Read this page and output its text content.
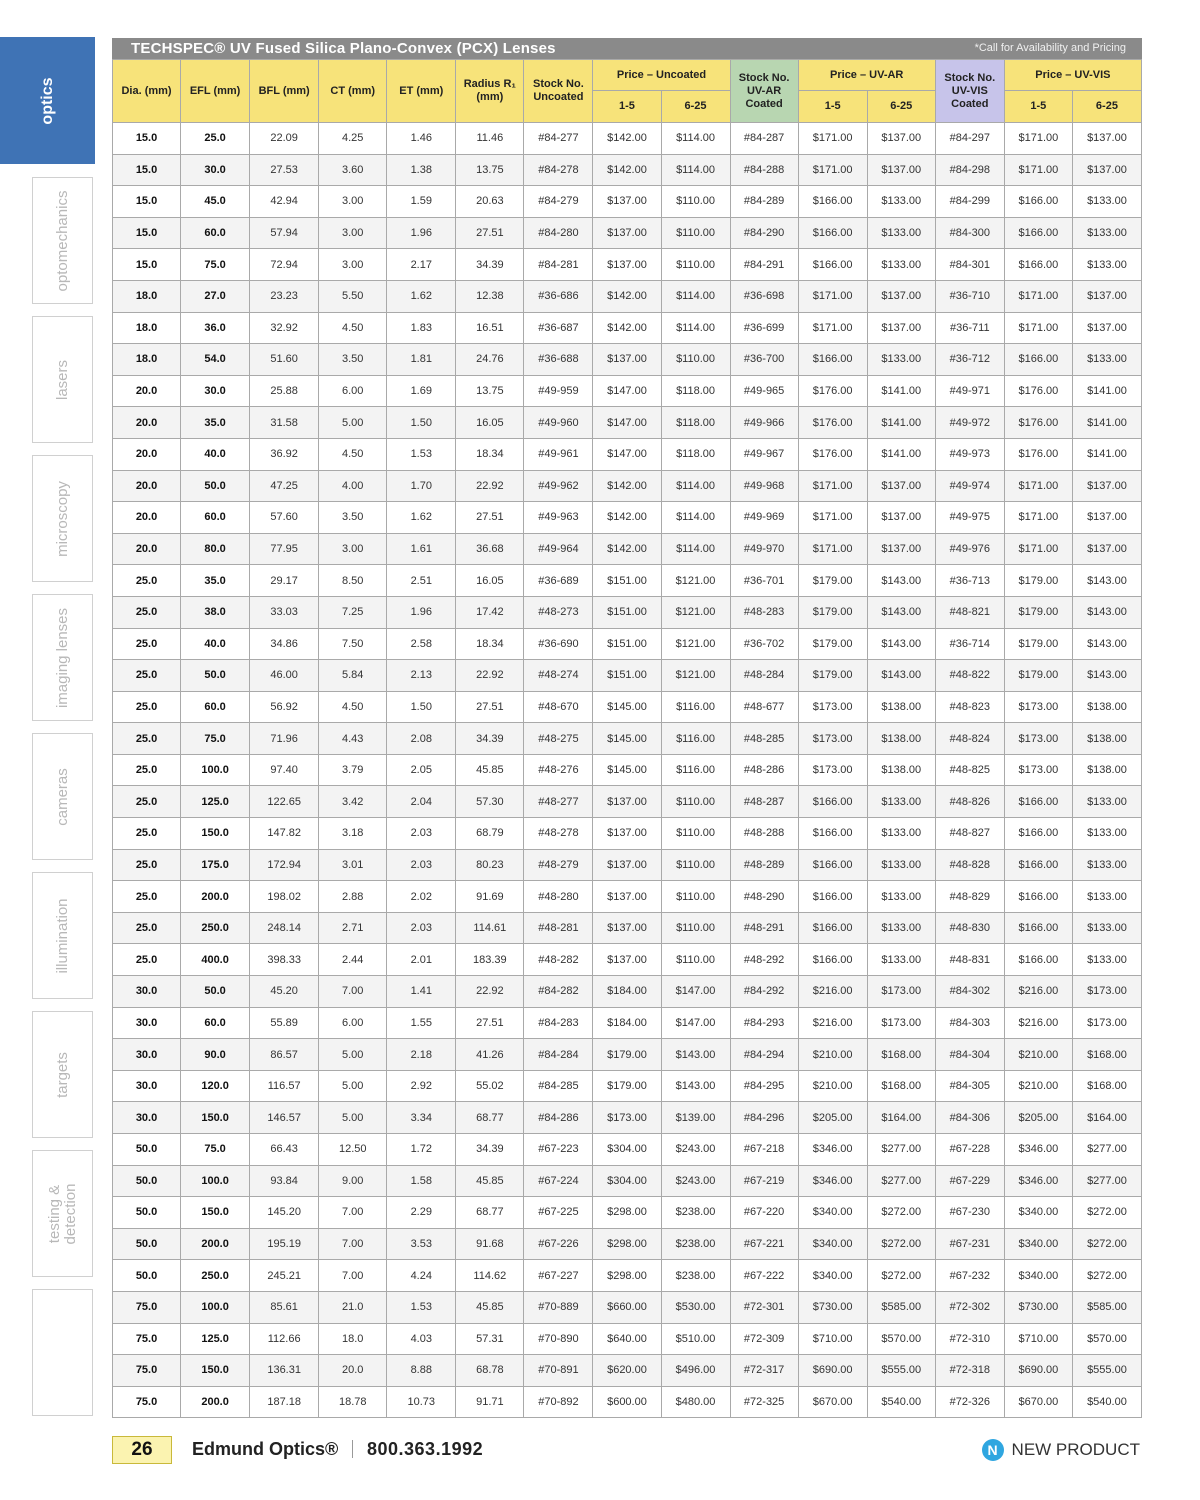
optics
optomechanics
lasers
microscopy
imaging lenses
cameras
illumination
targets
testing & detection
TECHSPEC® UV Fused Silica Plano-Convex (PCX) Lenses	*Call for Availability and Pricing
Dia. (mm)	EFL (mm)	BFL (mm)	CT (mm)	ET (mm)	Radius R₁ (mm)	Stock No. Uncoated	Price – Uncoated		Stock No. UV-AR Coated	Price – UV-AR		Stock No. UV-VIS Coated	Price – UV-VIS	
							1-5	6-25		1-5	6-25		1-5	6-25
15.0	25.0	22.09	4.25	1.46	11.46	#84-277	$142.00	$114.00	#84-287	$171.00	$137.00	#84-297	$171.00	$137.00
15.0	30.0	27.53	3.60	1.38	13.75	#84-278	$142.00	$114.00	#84-288	$171.00	$137.00	#84-298	$171.00	$137.00
15.0	45.0	42.94	3.00	1.59	20.63	#84-279	$137.00	$110.00	#84-289	$166.00	$133.00	#84-299	$166.00	$133.00
15.0	60.0	57.94	3.00	1.96	27.51	#84-280	$137.00	$110.00	#84-290	$166.00	$133.00	#84-300	$166.00	$133.00
15.0	75.0	72.94	3.00	2.17	34.39	#84-281	$137.00	$110.00	#84-291	$166.00	$133.00	#84-301	$166.00	$133.00
18.0	27.0	23.23	5.50	1.62	12.38	#36-686	$142.00	$114.00	#36-698	$171.00	$137.00	#36-710	$171.00	$137.00
18.0	36.0	32.92	4.50	1.83	16.51	#36-687	$142.00	$114.00	#36-699	$171.00	$137.00	#36-711	$171.00	$137.00
18.0	54.0	51.60	3.50	1.81	24.76	#36-688	$137.00	$110.00	#36-700	$166.00	$133.00	#36-712	$166.00	$133.00
20.0	30.0	25.88	6.00	1.69	13.75	#49-959	$147.00	$118.00	#49-965	$176.00	$141.00	#49-971	$176.00	$141.00
20.0	35.0	31.58	5.00	1.50	16.05	#49-960	$147.00	$118.00	#49-966	$176.00	$141.00	#49-972	$176.00	$141.00
20.0	40.0	36.92	4.50	1.53	18.34	#49-961	$147.00	$118.00	#49-967	$176.00	$141.00	#49-973	$176.00	$141.00
20.0	50.0	47.25	4.00	1.70	22.92	#49-962	$142.00	$114.00	#49-968	$171.00	$137.00	#49-974	$171.00	$137.00
20.0	60.0	57.60	3.50	1.62	27.51	#49-963	$142.00	$114.00	#49-969	$171.00	$137.00	#49-975	$171.00	$137.00
20.0	80.0	77.95	3.00	1.61	36.68	#49-964	$142.00	$114.00	#49-970	$171.00	$137.00	#49-976	$171.00	$137.00
25.0	35.0	29.17	8.50	2.51	16.05	#36-689	$151.00	$121.00	#36-701	$179.00	$143.00	#36-713	$179.00	$143.00
25.0	38.0	33.03	7.25	1.96	17.42	#48-273	$151.00	$121.00	#48-283	$179.00	$143.00	#48-821	$179.00	$143.00
25.0	40.0	34.86	7.50	2.58	18.34	#36-690	$151.00	$121.00	#36-702	$179.00	$143.00	#36-714	$179.00	$143.00
25.0	50.0	46.00	5.84	2.13	22.92	#48-274	$151.00	$121.00	#48-284	$179.00	$143.00	#48-822	$179.00	$143.00
25.0	60.0	56.92	4.50	1.50	27.51	#48-670	$145.00	$116.00	#48-677	$173.00	$138.00	#48-823	$173.00	$138.00
25.0	75.0	71.96	4.43	2.08	34.39	#48-275	$145.00	$116.00	#48-285	$173.00	$138.00	#48-824	$173.00	$138.00
25.0	100.0	97.40	3.79	2.05	45.85	#48-276	$145.00	$116.00	#48-286	$173.00	$138.00	#48-825	$173.00	$138.00
25.0	125.0	122.65	3.42	2.04	57.30	#48-277	$137.00	$110.00	#48-287	$166.00	$133.00	#48-826	$166.00	$133.00
25.0	150.0	147.82	3.18	2.03	68.79	#48-278	$137.00	$110.00	#48-288	$166.00	$133.00	#48-827	$166.00	$133.00
25.0	175.0	172.94	3.01	2.03	80.23	#48-279	$137.00	$110.00	#48-289	$166.00	$133.00	#48-828	$166.00	$133.00
25.0	200.0	198.02	2.88	2.02	91.69	#48-280	$137.00	$110.00	#48-290	$166.00	$133.00	#48-829	$166.00	$133.00
25.0	250.0	248.14	2.71	2.03	114.61	#48-281	$137.00	$110.00	#48-291	$166.00	$133.00	#48-830	$166.00	$133.00
25.0	400.0	398.33	2.44	2.01	183.39	#48-282	$137.00	$110.00	#48-292	$166.00	$133.00	#48-831	$166.00	$133.00
30.0	50.0	45.20	7.00	1.41	22.92	#84-282	$184.00	$147.00	#84-292	$216.00	$173.00	#84-302	$216.00	$173.00
30.0	60.0	55.89	6.00	1.55	27.51	#84-283	$184.00	$147.00	#84-293	$216.00	$173.00	#84-303	$216.00	$173.00
30.0	90.0	86.57	5.00	2.18	41.26	#84-284	$179.00	$143.00	#84-294	$210.00	$168.00	#84-304	$210.00	$168.00
30.0	120.0	116.57	5.00	2.92	55.02	#84-285	$179.00	$143.00	#84-295	$210.00	$168.00	#84-305	$210.00	$168.00
30.0	150.0	146.57	5.00	3.34	68.77	#84-286	$173.00	$139.00	#84-296	$205.00	$164.00	#84-306	$205.00	$164.00
50.0	75.0	66.43	12.50	1.72	34.39	#67-223	$304.00	$243.00	#67-218	$346.00	$277.00	#67-228	$346.00	$277.00
50.0	100.0	93.84	9.00	1.58	45.85	#67-224	$304.00	$243.00	#67-219	$346.00	$277.00	#67-229	$346.00	$277.00
50.0	150.0	145.20	7.00	2.29	68.77	#67-225	$298.00	$238.00	#67-220	$340.00	$272.00	#67-230	$340.00	$272.00
50.0	200.0	195.19	7.00	3.53	91.68	#67-226	$298.00	$238.00	#67-221	$340.00	$272.00	#67-231	$340.00	$272.00
50.0	250.0	245.21	7.00	4.24	114.62	#67-227	$298.00	$238.00	#67-222	$340.00	$272.00	#67-232	$340.00	$272.00
75.0	100.0	85.61	21.0	1.53	45.85	#70-889	$660.00	$530.00	#72-301	$730.00	$585.00	#72-302	$730.00	$585.00
75.0	125.0	112.66	18.0	4.03	57.31	#70-890	$640.00	$510.00	#72-309	$710.00	$570.00	#72-310	$710.00	$570.00
75.0	150.0	136.31	20.0	8.88	68.78	#70-891	$620.00	$496.00	#72-317	$690.00	$555.00	#72-318	$690.00	$555.00
75.0	200.0	187.18	18.78	10.73	91.71	#70-892	$600.00	$480.00	#72-325	$670.00	$540.00	#72-326	$670.00	$540.00
26	Edmund Optics® 800.363.1992	N NEW PRODUCT
